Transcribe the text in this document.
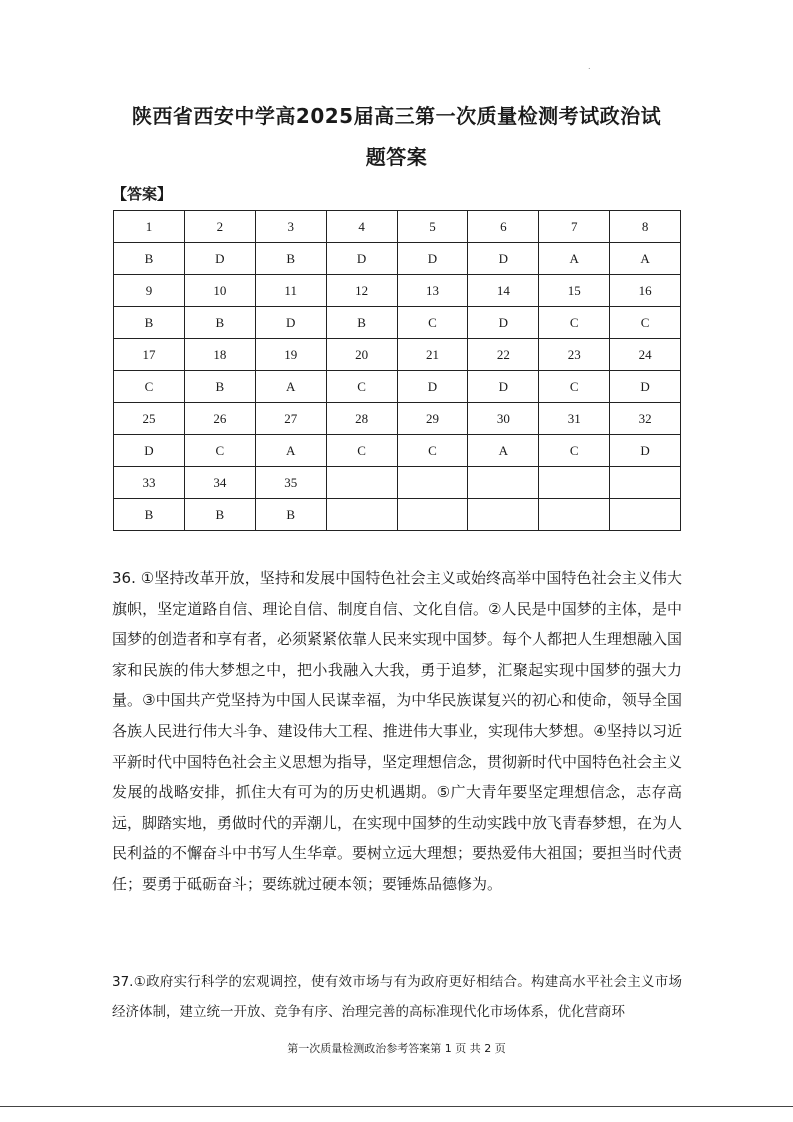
.
陕西省西安中学高2025届高三第一次质量检测考试政治试
题答案
【答案】
1	2	3	4	5	6	7	8
B	D	B	D	D	D	A	A
9	10	11	12	13	14	15	16
B	B	D	B	C	D	C	C
17	18	19	20	21	22	23	24
C	B	A	C	D	D	C	D
25	26	27	28	29	30	31	32
D	C	A	C	C	A	C	D
33	34	35					
B	B	B					
36. ①坚持改革开放，坚持和发展中国特色社会主义或始终高举中国特色社会主义伟大旗帜，坚定道路自信、理论自信、制度自信、文化自信。②人民是中国梦的主体，是中国梦的创造者和享有者，必须紧紧依靠人民来实现中国梦。每个人都把人生理想融入国家和民族的伟大梦想之中，把小我融入大我，勇于追梦，汇聚起实现中国梦的强大力量。③中国共产党坚持为中国人民谋幸福，为中华民族谋复兴的初心和使命，领导全国各族人民进行伟大斗争、建设伟大工程、推进伟大事业，实现伟大梦想。④坚持以习近平新时代中国特色社会主义思想为指导，坚定理想信念，贯彻新时代中国特色社会主义发展的战略安排，抓住大有可为的历史机遇期。⑤广大青年要坚定理想信念，志存高远，脚踏实地，勇做时代的弄潮儿，在实现中国梦的生动实践中放飞青春梦想，在为人民利益的不懈奋斗中书写人生华章。要树立远大理想；要热爱伟大祖国；要担当时代责任；要勇于砥砺奋斗；要练就过硬本领；要锤炼品德修为。
37.①政府实行科学的宏观调控，使有效市场与有为政府更好相结合。构建高水平社会主义市场经济体制，建立统一开放、竞争有序、治理完善的高标准现代化市场体系，优化营商环
第一次质量检测政治参考答案第 1 页 共 2 页
